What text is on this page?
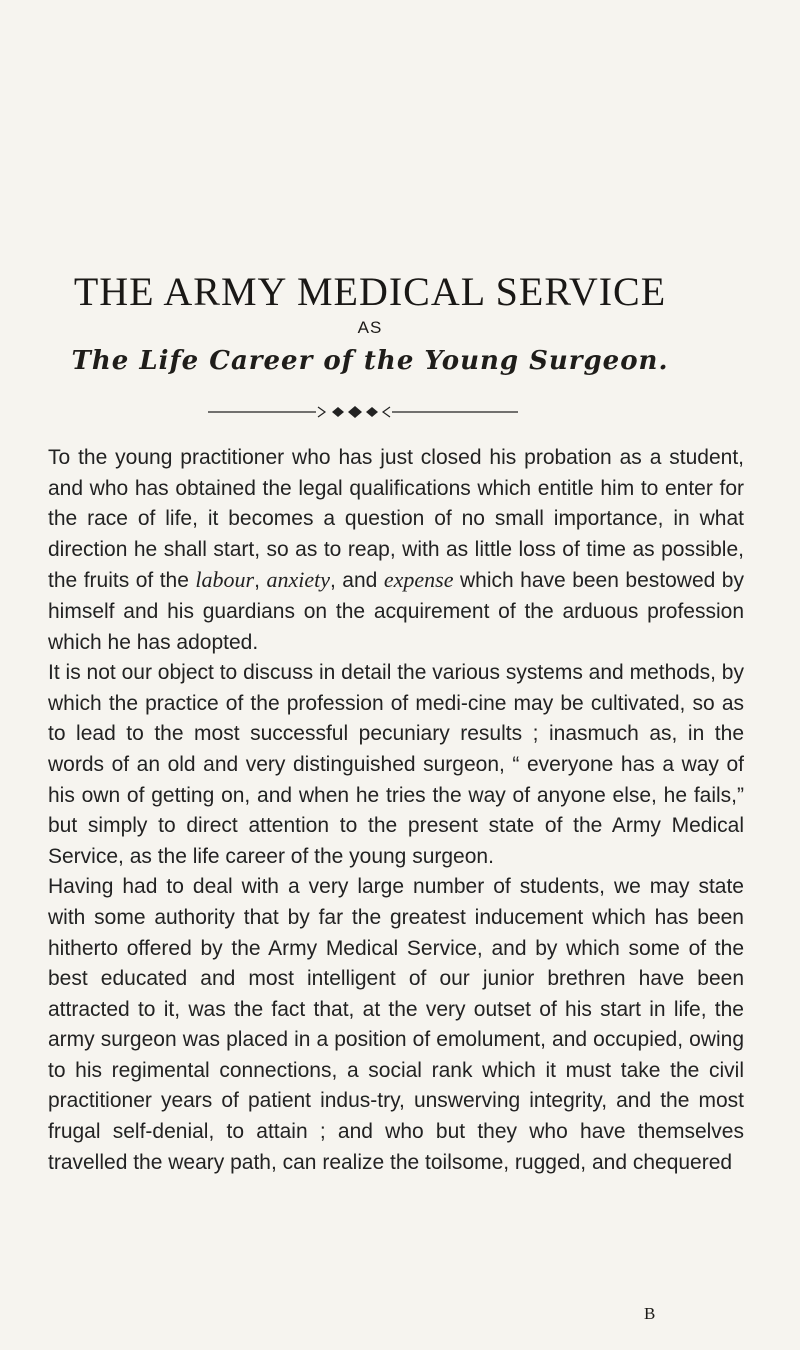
THE ARMY MEDICAL SERVICE
AS
The Life Career of the Young Surgeon.

To the young practitioner who has just closed his probation as a student, and who has obtained the legal qualifications which entitle him to enter for the race of life, it becomes a question of no small importance, in what direction he shall start, so as to reap, with as little loss of time as possible, the fruits of the labour, anxiety, and expense which have been bestowed by himself and his guardians on the acquirement of the arduous profession which he has adopted.

It is not our object to discuss in detail the various systems and methods, by which the practice of the profession of medi-cine may be cultivated, so as to lead to the most successful pecuniary results ; inasmuch as, in the words of an old and very distinguished surgeon, “ everyone has a way of his own of getting on, and when he tries the way of anyone else, he fails,” but simply to direct attention to the present state of the Army Medical Service, as the life career of the young surgeon.

Having had to deal with a very large number of students, we may state with some authority that by far the greatest inducement which has been hitherto offered by the Army Medical Service, and by which some of the best educated and most intelligent of our junior brethren have been attracted to it, was the fact that, at the very outset of his start in life, the army surgeon was placed in a position of emolument, and occupied, owing to his regimental connections, a social rank which it must take the civil practitioner years of patient indus-try, unswerving integrity, and the most frugal self-denial, to attain ; and who but they who have themselves travelled the weary path, can realize the toilsome, rugged, and chequered

B
